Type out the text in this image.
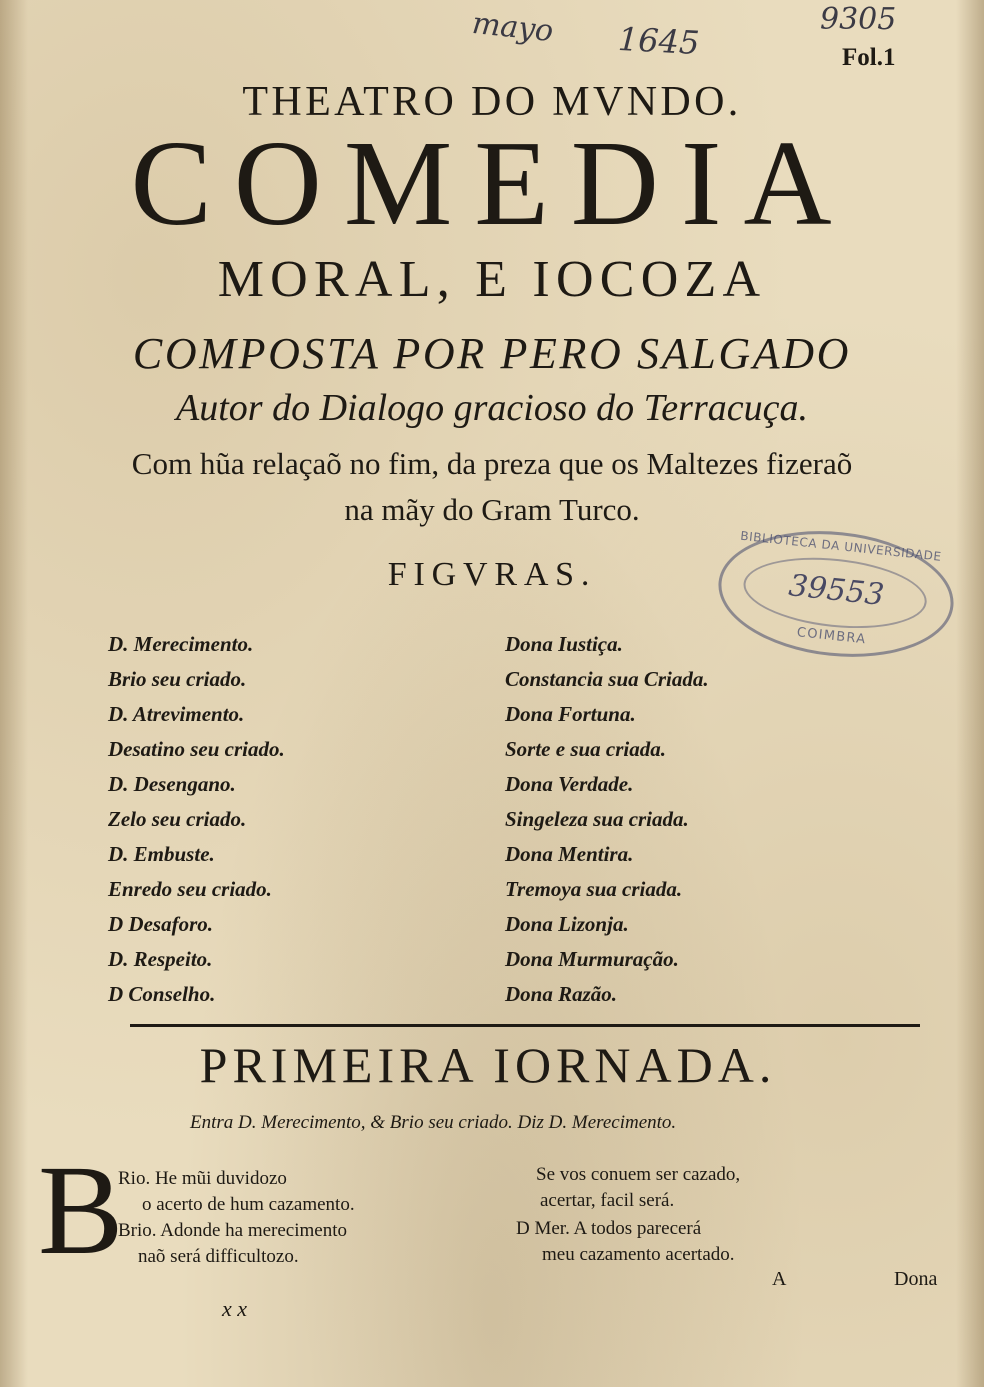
mayo 1645
9305
Fol.1
THEATRO DO MVNDO.
COMEDIA
MORAL, E IOCOZA
COMPOSTA POR PERO SALGADO
Autor do Dialogo gracioso do Terracuça.
Com hũa relaçaõ no fim, da preza que os Maltezes fizeraõ
na mãy do Gram Turco.
FIGVRAS.
BIBLIOTECA DA UNIVERSIDADE
39553
COIMBRA
D. Merecimento.
Brio seu criado.
D. Atrevimento.
Desatino seu criado.
D. Desengano.
Zelo seu criado.
D. Embuste.
Enredo seu criado.
D Desaforo.
D. Respeito.
D Conselho.
Dona Iustiça.
Constancia sua Criada.
Dona Fortuna.
Sorte e sua criada.
Dona Verdade.
Singeleza sua criada.
Dona Mentira.
Tremoya sua criada.
Dona Lizonja.
Dona Murmuração.
Dona Razão.
PRIMEIRA IORNADA.
Entra D. Merecimento, & Brio seu criado. Diz D. Merecimento.
B
Rio. He mũi duvidozo
o acerto de hum cazamento.
Brio. Adonde ha merecimento
naõ será difficultozo.
Se vos conuem ser cazado,
acertar, facil será.
D Mer. A todos parecerá
meu cazamento acertado.
A	Dona
x x
